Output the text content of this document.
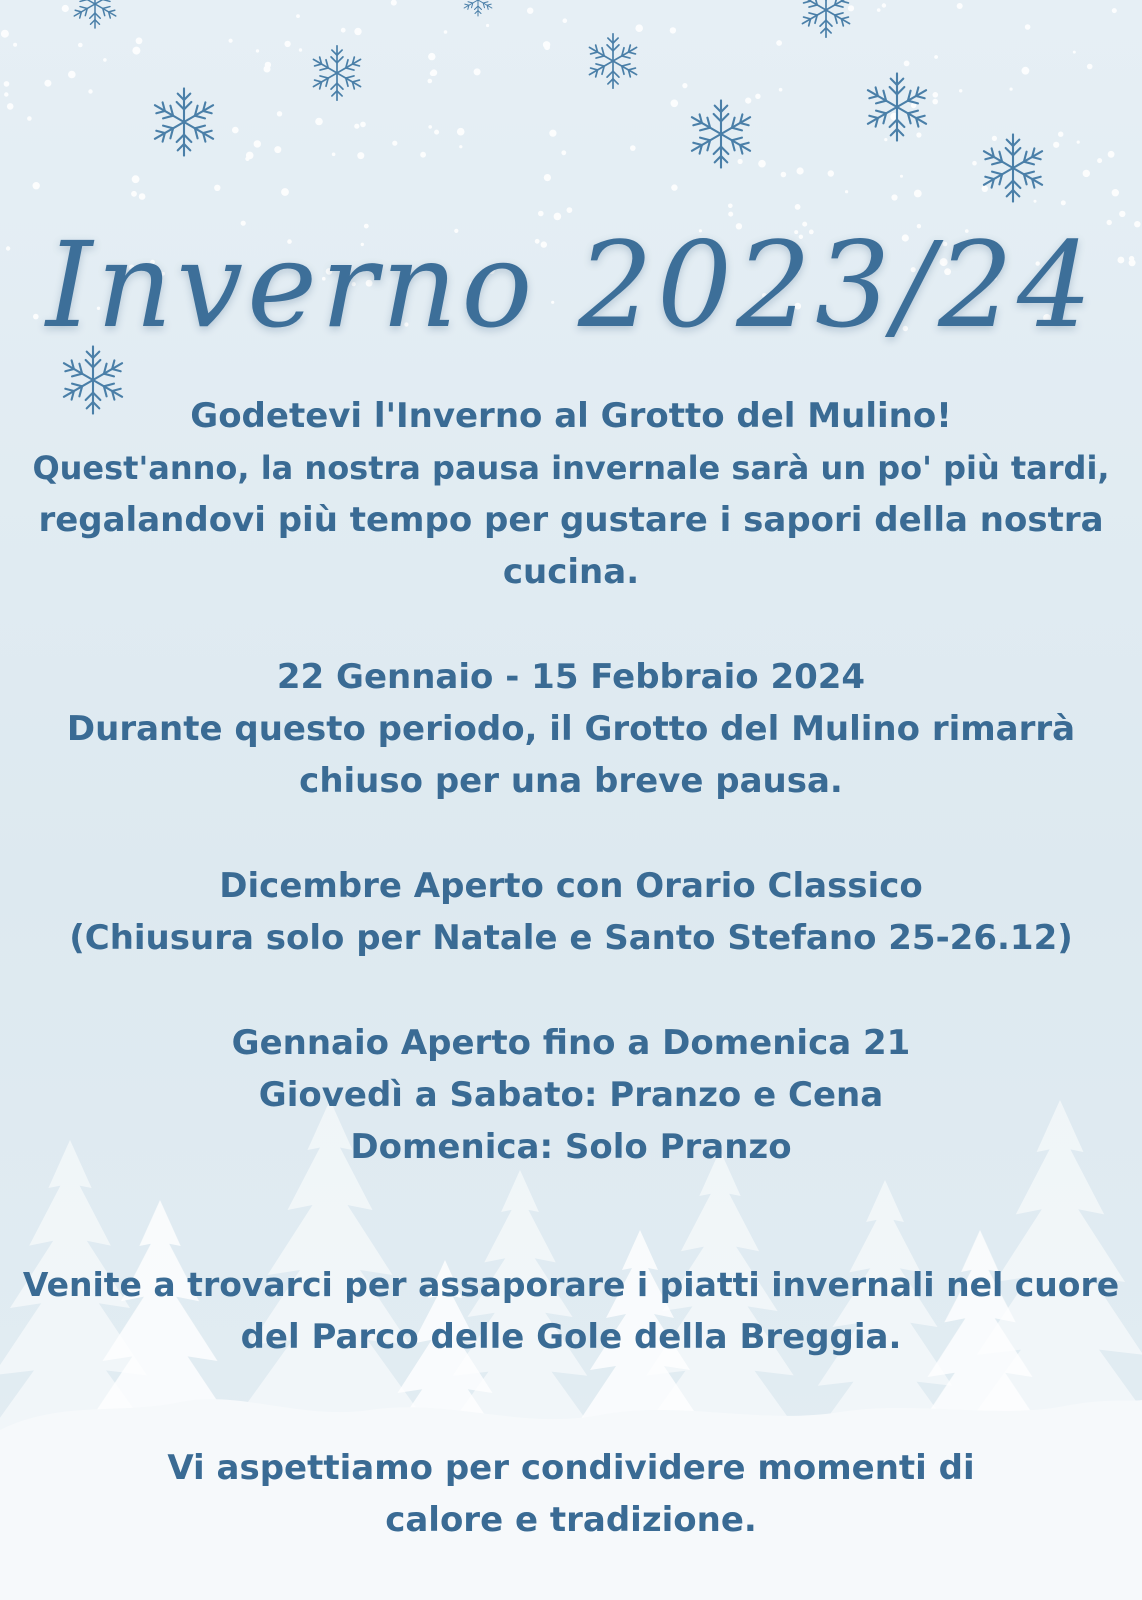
Inverno 2023/24
Godetevi l'Inverno al Grotto del Mulino!
Quest'anno, la nostra pausa invernale sarà un po' più tardi,
regalandovi più tempo per gustare i sapori della nostra
cucina.
22 Gennaio - 15 Febbraio 2024
Durante questo periodo, il Grotto del Mulino rimarrà
chiuso per una breve pausa.
Dicembre Aperto con Orario Classico
(Chiusura solo per Natale e Santo Stefano 25-26.12)
Gennaio Aperto fino a Domenica 21
Giovedì a Sabato: Pranzo e Cena
Domenica: Solo Pranzo
Venite a trovarci per assaporare i piatti invernali nel cuore
del Parco delle Gole della Breggia.
Vi aspettiamo per condividere momenti di
calore e tradizione.
